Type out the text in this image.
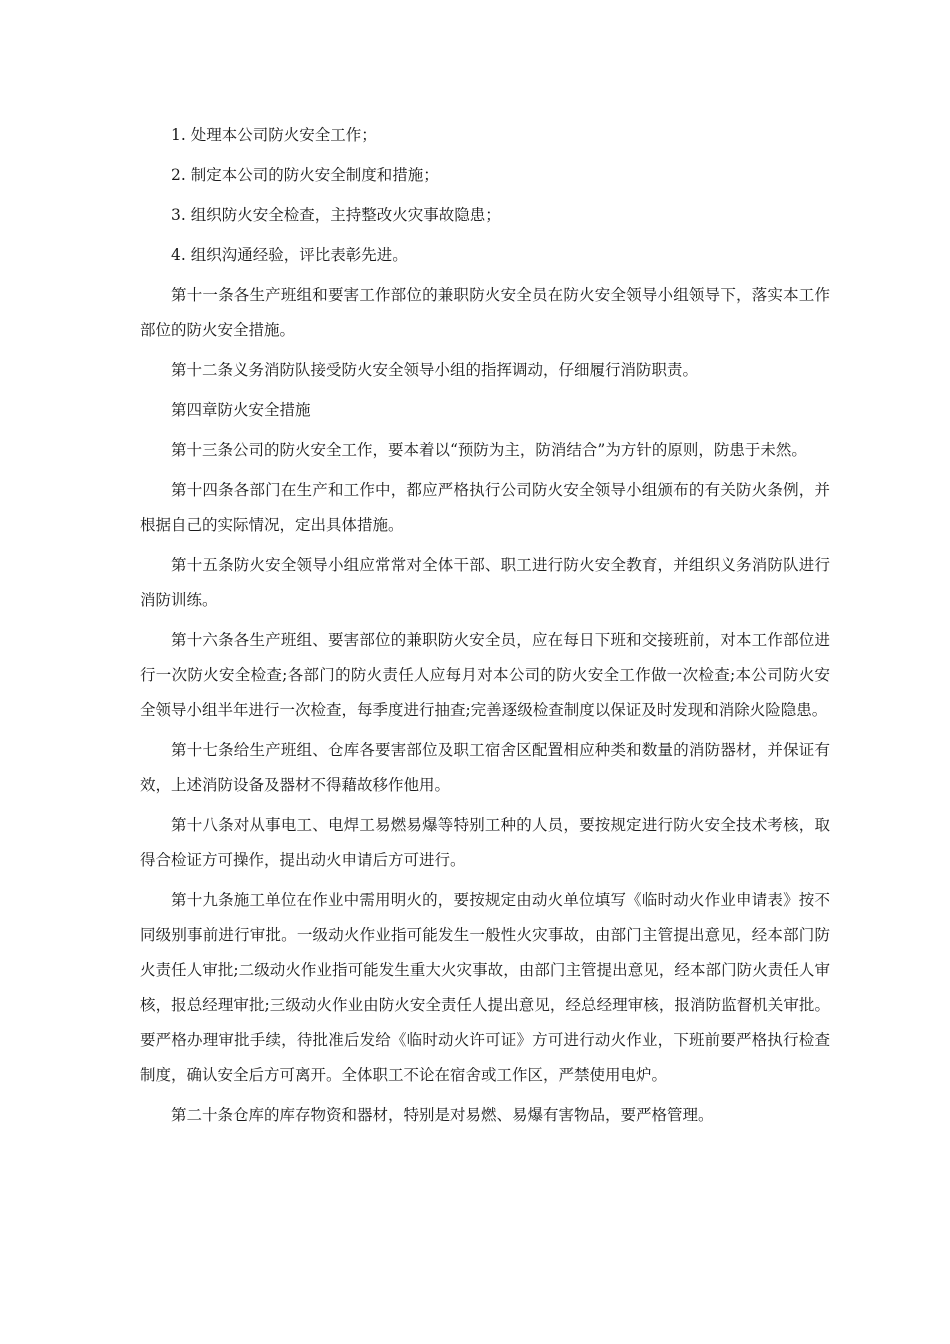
1. 处理本公司防火安全工作；

2. 制定本公司的防火安全制度和措施；

3. 组织防火安全检查，主持整改火灾事故隐患；

4. 组织沟通经验，评比表彰先进。

第十一条各生产班组和要害工作部位的兼职防火安全员在防火安全领导小组领导下，落实本工作部位的防火安全措施。

第十二条义务消防队接受防火安全领导小组的指挥调动，仔细履行消防职责。

第四章防火安全措施

第十三条公司的防火安全工作，要本着以“预防为主，防消结合”为方针的原则，防患于未然。

第十四条各部门在生产和工作中，都应严格执行公司防火安全领导小组颁布的有关防火条例，并根据自己的实际情况，定出具体措施。

第十五条防火安全领导小组应常常对全体干部、职工进行防火安全教育，并组织义务消防队进行消防训练。

第十六条各生产班组、要害部位的兼职防火安全员，应在每日下班和交接班前，对本工作部位进行一次防火安全检查;各部门的防火责任人应每月对本公司的防火安全工作做一次检查;本公司防火安全领导小组半年进行一次检查，每季度进行抽查;完善逐级检查制度以保证及时发现和消除火险隐患。

第十七条给生产班组、仓库各要害部位及职工宿舍区配置相应种类和数量的消防器材，并保证有效，上述消防设备及器材不得藉故移作他用。

第十八条对从事电工、电焊工易燃易爆等特别工种的人员，要按规定进行防火安全技术考核，取得合检证方可操作，提出动火申请后方可进行。

第十九条施工单位在作业中需用明火的，要按规定由动火单位填写《临时动火作业申请表》按不同级别事前进行审批。一级动火作业指可能发生一般性火灾事故，由部门主管提出意见，经本部门防火责任人审批;二级动火作业指可能发生重大火灾事故，由部门主管提出意见，经本部门防火责任人审核，报总经理审批;三级动火作业由防火安全责任人提出意见，经总经理审核，报消防监督机关审批。要严格办理审批手续，待批准后发给《临时动火许可证》方可进行动火作业，下班前要严格执行检查制度，确认安全后方可离开。全体职工不论在宿舍或工作区，严禁使用电炉。

第二十条仓库的库存物资和器材，特别是对易燃、易爆有害物品，要严格管理。
